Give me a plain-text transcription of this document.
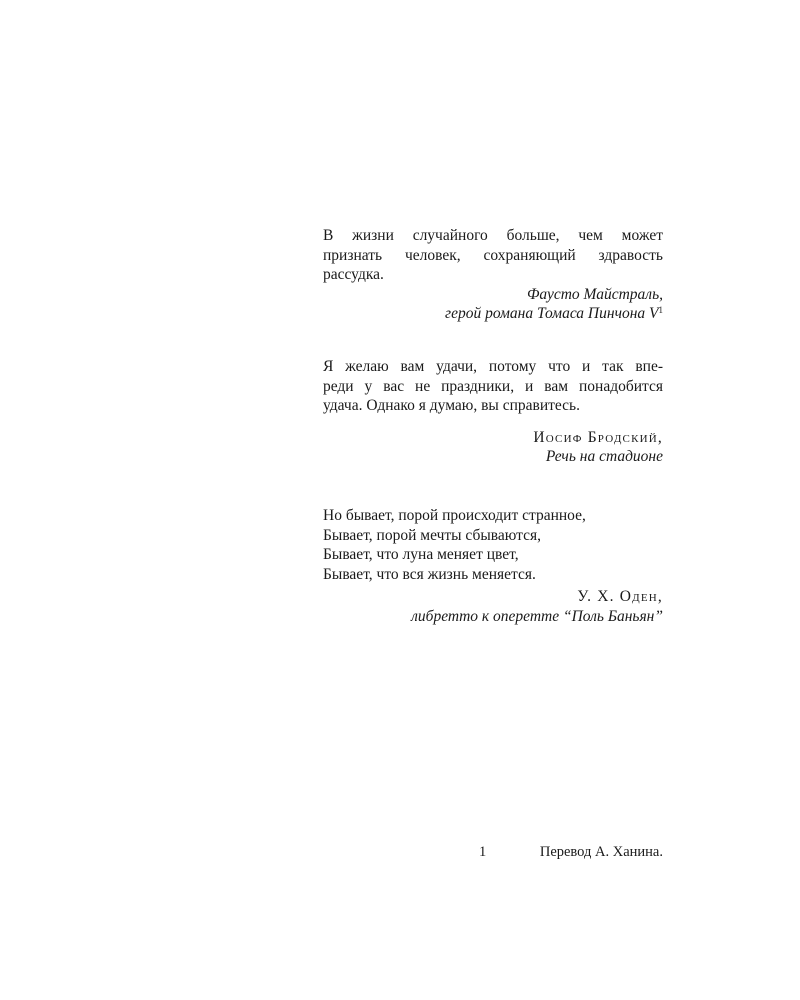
В жизни случайного больше, чем может
признать человек, сохраняющий здравость
рассудка.
Фаусто Майстраль,
герой романа Томаса Пинчона $V^1$
Я желаю вам удачи, потому что и так впе-
реди у вас не праздники, и вам понадобится
удача. Однако я думаю, вы справитесь.
Иосиф Бродский,
Речь на стадионе
Но бывает, порой происходит странное,
Бывает, порой мечты сбываются,
Бывает, что луна меняет цвет,
Бывает, что вся жизнь меняется.
У. Х. Оден,
либретто к оперетте “Поль Баньян”
1	Перевод А. Ханина.
